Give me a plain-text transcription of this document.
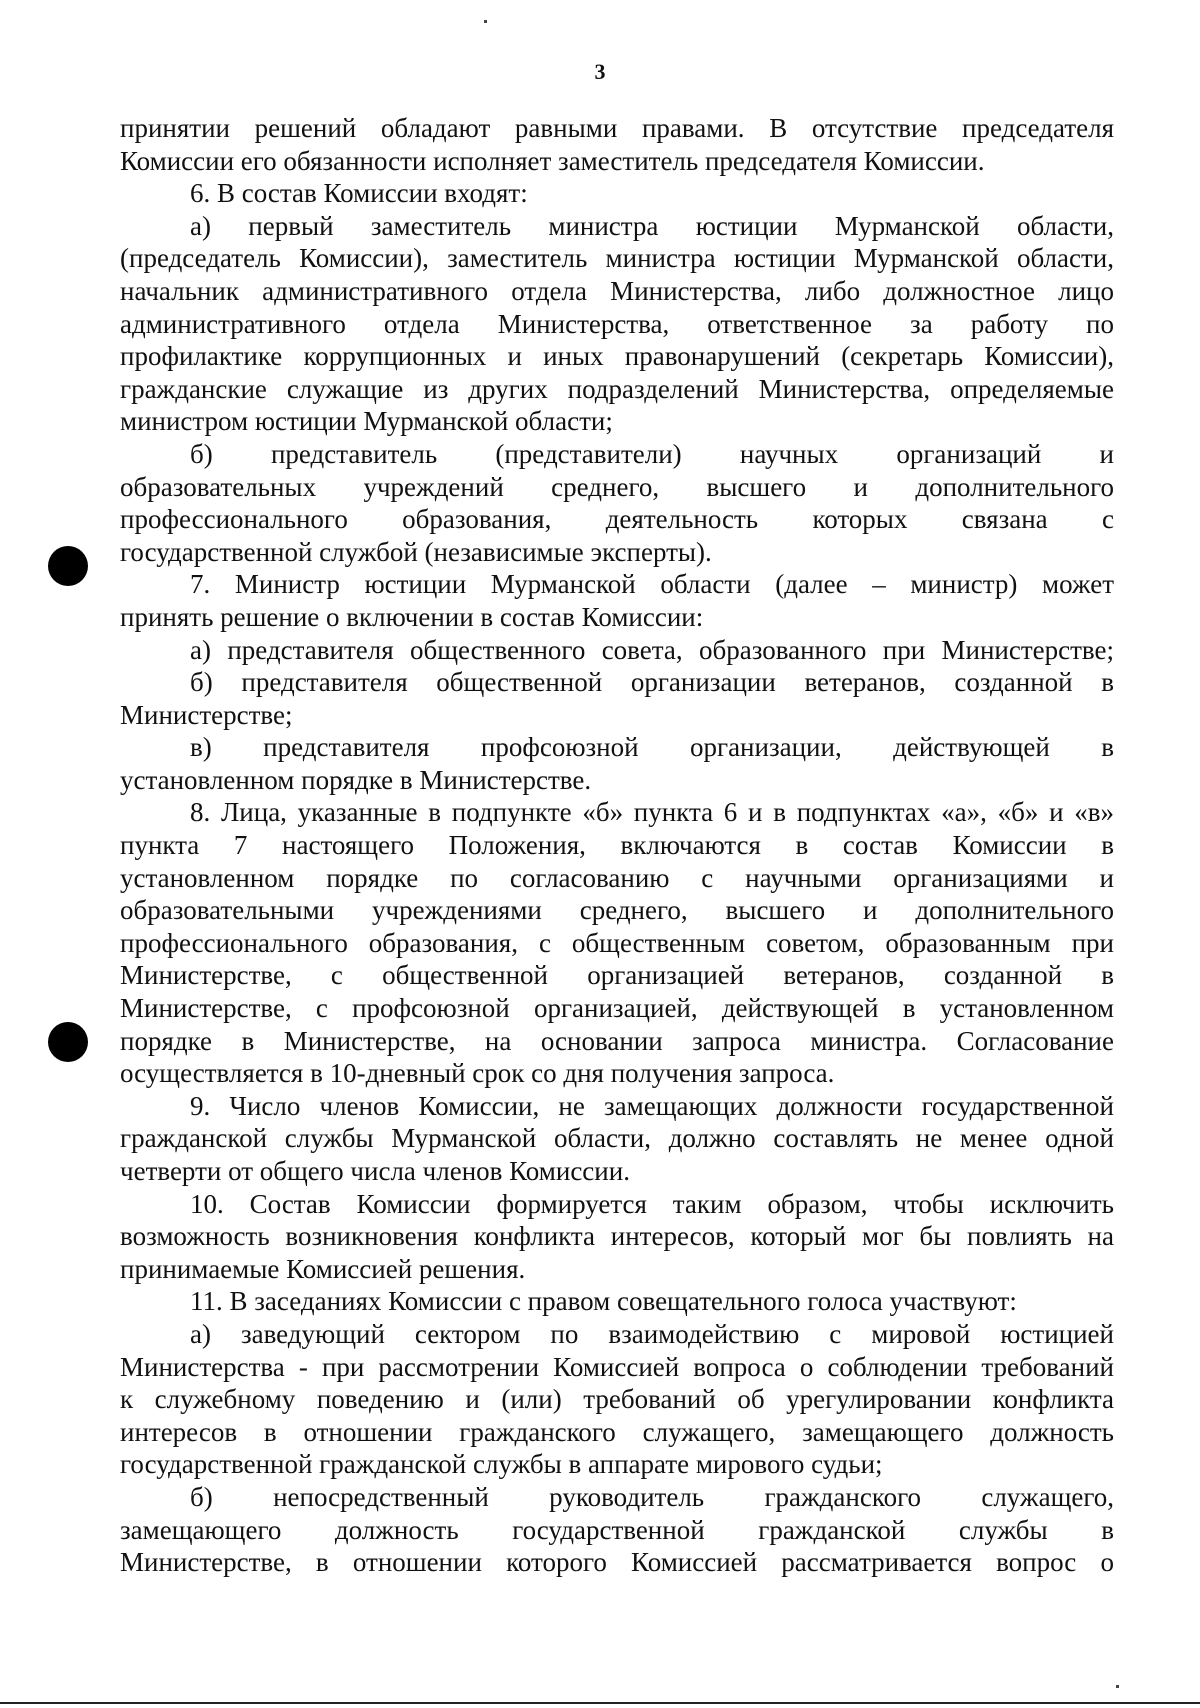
3
принятии решений обладают равными правами. В отсутствие председателя
Комиссии его обязанности исполняет заместитель председателя Комиссии.
6. В состав Комиссии входят:
а) первый заместитель министра юстиции Мурманской области,
(председатель Комиссии), заместитель министра юстиции Мурманской области,
начальник административного отдела Министерства, либо должностное лицо
административного отдела Министерства, ответственное за работу по
профилактике коррупционных и иных правонарушений (секретарь Комиссии),
гражданские служащие из других подразделений Министерства, определяемые
министром юстиции Мурманской области;
б) представитель (представители) научных организаций и
образовательных учреждений среднего, высшего и дополнительного
профессионального образования, деятельность которых связана с
государственной службой (независимые эксперты).
7. Министр юстиции Мурманской области (далее – министр) может
принять решение о включении в состав Комиссии:
а) представителя общественного совета, образованного при Министерстве;
б) представителя общественной организации ветеранов, созданной в
Министерстве;
в) представителя профсоюзной организации, действующей в
установленном порядке в Министерстве.
8. Лица, указанные в подпункте «б» пункта 6 и в подпунктах «а», «б» и «в»
пункта 7 настоящего Положения, включаются в состав Комиссии в
установленном порядке по согласованию с научными организациями и
образовательными учреждениями среднего, высшего и дополнительного
профессионального образования, с общественным советом, образованным при
Министерстве, с общественной организацией ветеранов, созданной в
Министерстве, с профсоюзной организацией, действующей в установленном
порядке в Министерстве, на основании запроса министра. Согласование
осуществляется в 10-дневный срок со дня получения запроса.
9. Число членов Комиссии, не замещающих должности государственной
гражданской службы Мурманской области, должно составлять не менее одной
четверти от общего числа членов Комиссии.
10. Состав Комиссии формируется таким образом, чтобы исключить
возможность возникновения конфликта интересов, который мог бы повлиять на
принимаемые Комиссией решения.
11. В заседаниях Комиссии с правом совещательного голоса участвуют:
а) заведующий сектором по взаимодействию с мировой юстицией
Министерства - при рассмотрении Комиссией вопроса о соблюдении требований
к служебному поведению и (или) требований об урегулировании конфликта
интересов в отношении гражданского служащего, замещающего должность
государственной гражданской службы в аппарате мирового судьи;
б) непосредственный руководитель гражданского служащего,
замещающего должность государственной гражданской службы в
Министерстве, в отношении которого Комиссией рассматривается вопрос о
